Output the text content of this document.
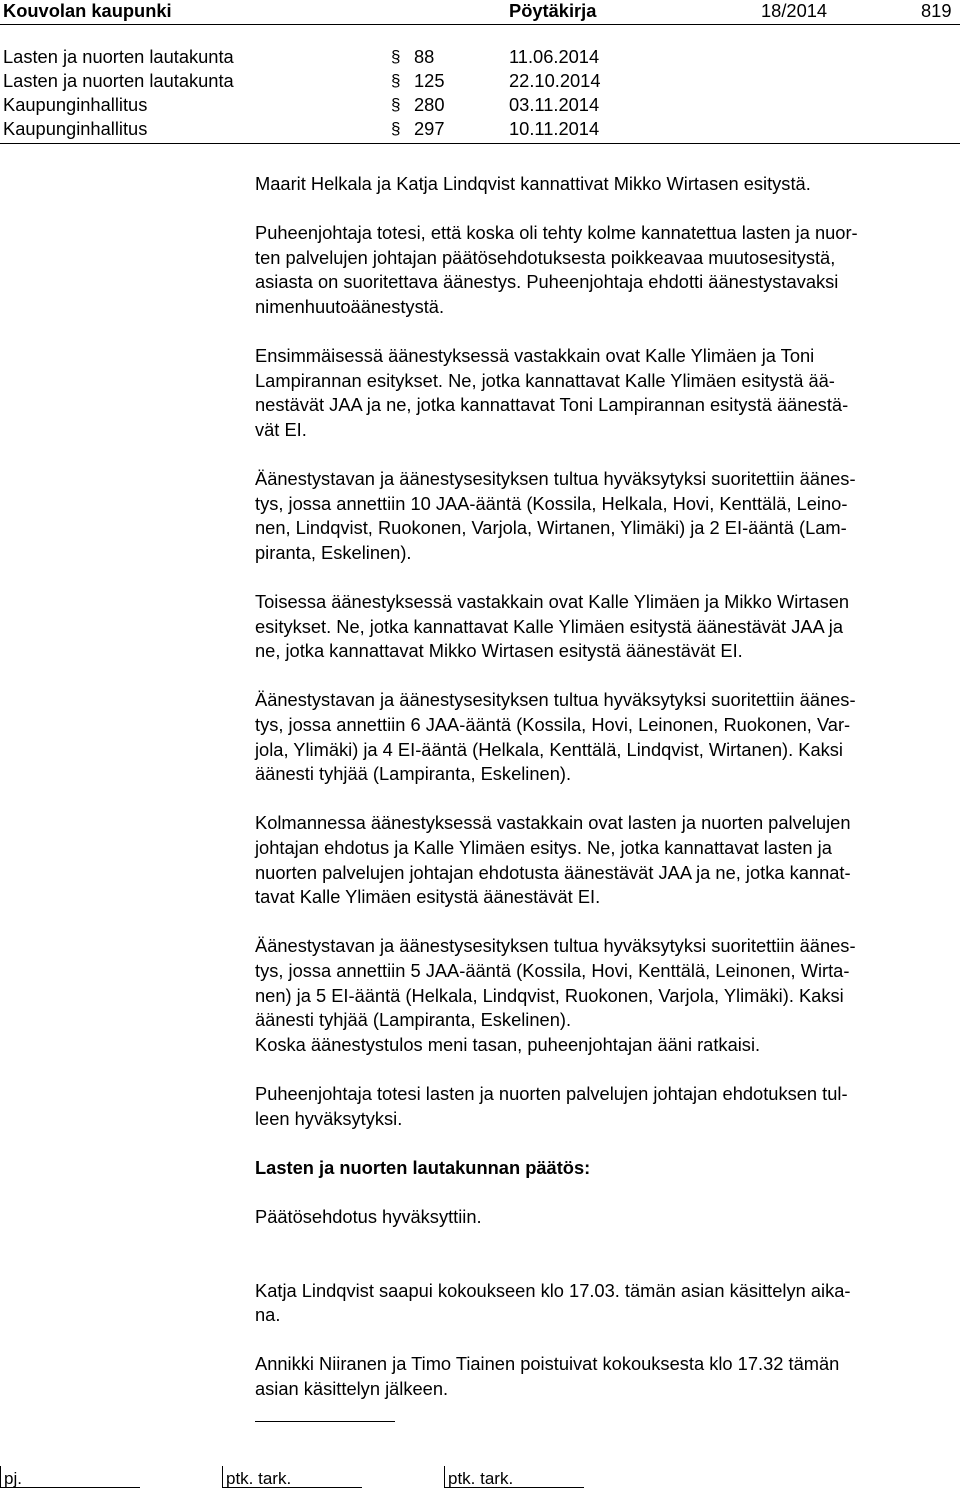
Kouvolan kaupunki	Pöytäkirja	18/2014	819
Lasten ja nuorten lautakunta	§ 88	11.06.2014
Lasten ja nuorten lautakunta	§ 125	22.10.2014
Kaupunginhallitus	§ 280	03.11.2014
Kaupunginhallitus	§ 297	10.11.2014

Maarit Helkala ja Katja Lindqvist kannattivat Mikko Wirtasen esitystä.

Puheenjohtaja totesi, että koska oli tehty kolme kannatettua lasten ja nuor-
ten palvelujen johtajan päätösehdotuksesta poikkeavaa muutosesitystä,
asiasta on suoritettava äänestys. Puheenjohtaja ehdotti äänestystavaksi
nimenhuutoäänestystä.

Ensimmäisessä äänestyksessä vastakkain ovat Kalle Ylimäen ja Toni
Lampirannan esitykset. Ne, jotka kannattavat Kalle Ylimäen esitystä ää-
nestävät JAA ja ne, jotka kannattavat Toni Lampirannan esitystä äänestä-
vät EI.

Äänestystavan ja äänestysesityksen tultua hyväksytyksi suoritettiin äänes-
tys, jossa annettiin 10 JAA-ääntä (Kossila, Helkala, Hovi, Kenttälä, Leino-
nen, Lindqvist, Ruokonen, Varjola, Wirtanen, Ylimäki) ja 2 EI-ääntä (Lam-
piranta, Eskelinen).

Toisessa äänestyksessä vastakkain ovat Kalle Ylimäen ja Mikko Wirtasen
esitykset. Ne, jotka kannattavat Kalle Ylimäen esitystä äänestävät JAA ja
ne, jotka kannattavat Mikko Wirtasen esitystä äänestävät EI.

Äänestystavan ja äänestysesityksen tultua hyväksytyksi suoritettiin äänes-
tys, jossa annettiin 6 JAA-ääntä (Kossila, Hovi, Leinonen, Ruokonen, Var-
jola, Ylimäki) ja 4 EI-ääntä (Helkala, Kenttälä, Lindqvist, Wirtanen). Kaksi
äänesti tyhjää (Lampiranta, Eskelinen).

Kolmannessa äänestyksessä vastakkain ovat lasten ja nuorten palvelujen
johtajan ehdotus ja Kalle Ylimäen esitys. Ne, jotka kannattavat lasten ja
nuorten palvelujen johtajan ehdotusta äänestävät JAA ja ne, jotka kannat-
tavat Kalle Ylimäen esitystä äänestävät EI.

Äänestystavan ja äänestysesityksen tultua hyväksytyksi suoritettiin äänes-
tys, jossa annettiin 5 JAA-ääntä (Kossila, Hovi, Kenttälä, Leinonen, Wirta-
nen) ja 5 EI-ääntä (Helkala, Lindqvist, Ruokonen, Varjola, Ylimäki). Kaksi
äänesti tyhjää (Lampiranta, Eskelinen).

Koska äänestystulos meni tasan, puheenjohtajan ääni ratkaisi.

Puheenjohtaja totesi lasten ja nuorten palvelujen johtajan ehdotuksen tul-
leen hyväksytyksi.

Lasten ja nuorten lautakunnan päätös:

Päätösehdotus hyväksyttiin.

Katja Lindqvist saapui kokoukseen klo 17.03. tämän asian käsittelyn aika-
na.

Annikki Niiranen ja Timo Tiainen poistuivat kokouksesta klo 17.32 tämän
asian käsittelyn jälkeen.

pj.	ptk. tark.	ptk. tark.
